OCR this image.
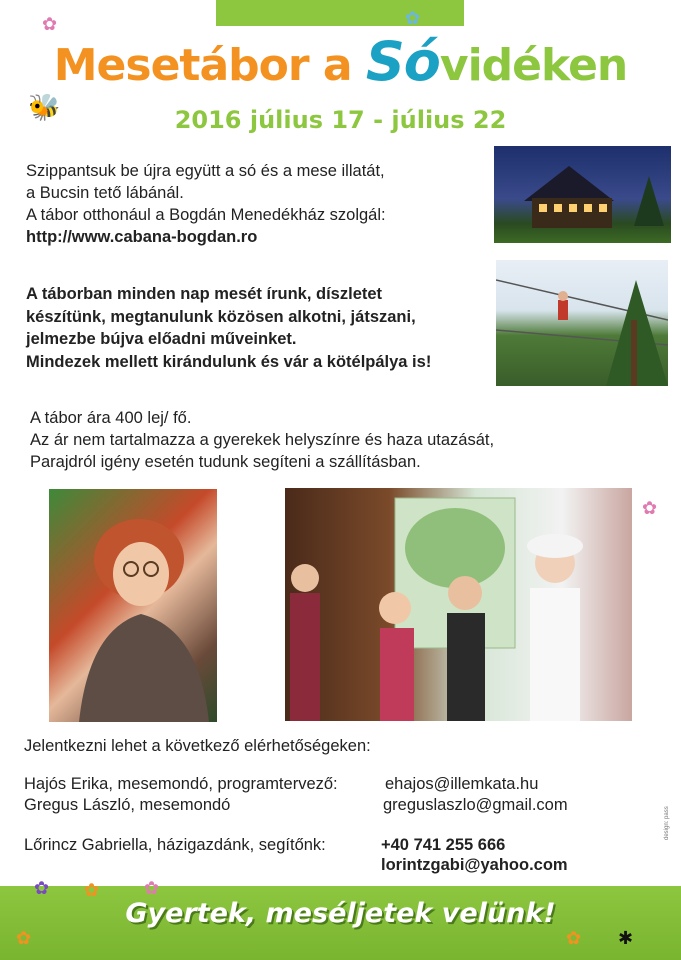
✿
✿
🐝
Mesetábor a Sóvidéken
2016 július 17 - július 22
Szippantsuk be újra együtt a só és a mese illatát,
a Bucsin tető lábánál.
A tábor otthonául a Bogdán Menedékház szolgál:
http://www.cabana-bogdan.ro
A táborban minden nap mesét írunk, díszletet
készítünk, megtanulunk közösen alkotni, játszani,
jelmezbe bújva előadni műveinket.
Mindezek mellett kirándulunk és vár a kötélpálya is!
A tábor ára 400 lej/ fő.
Az ár nem tartalmazza a gyerekek helyszínre és haza utazását,
Parajdról igény esetén tudunk segíteni a szállításban.
✿
Jelentkezni lehet a következő elérhetőségeken:
Hajós Erika, mesemondó, programtervező:	ehajos@illemkata.hu
Gregus László, mesemondó	greguslaszlo@gmail.com
Lőrincz Gabriella, házigazdánk, segítőnk:	+40 741 255 666
lorintzgabi@yahoo.com
design: pass
✿ ✿ ✿
✿	✿ ✱
Gyertek, meséljetek velünk!
